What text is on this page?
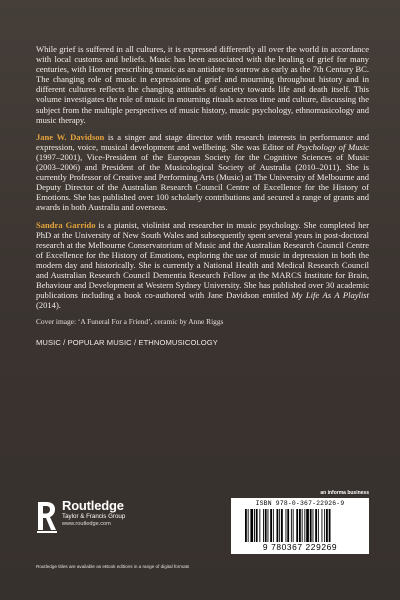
While grief is suffered in all cultures, it is expressed differently all over the world in accordance with local customs and beliefs. Music has been associated with the healing of grief for many centuries, with Homer prescribing music as an antidote to sorrow as early as the 7th Century BC. The changing role of music in expressions of grief and mourning throughout history and in different cultures reflects the changing attitudes of society towards life and death itself. This volume investigates the role of music in mourning rituals across time and culture, discussing the subject from the multiple perspectives of music history, music psychology, ethnomusicology and music therapy.

Jane W. Davidson is a singer and stage director with research interests in performance and expression, voice, musical development and wellbeing. She was Editor of Psychology of Music (1997–2001), Vice-President of the European Society for the Cognitive Sciences of Music (2003–2006) and President of the Musicological Society of Australia (2010–2011). She is currently Professor of Creative and Performing Arts (Music) at The University of Melbourne and Deputy Director of the Australian Research Council Centre of Excellence for the History of Emotions. She has published over 100 scholarly contributions and secured a range of grants and awards in both Australia and overseas.

Sandra Garrido is a pianist, violinist and researcher in music psychology. She completed her PhD at the University of New South Wales and subsequently spent several years in post-doctoral research at the Melbourne Conservatorium of Music and the Australian Research Council Centre of Excellence for the History of Emotions, exploring the use of music in depression in both the modern day and historically. She is currently a National Health and Medical Research Council and Australian Research Council Dementia Research Fellow at the MARCS Institute for Brain, Behaviour and Development at Western Sydney University. She has published over 30 academic publications including a book co-authored with Jane Davidson entitled My Life As A Playlist (2014).

Cover image: ‘A Funeral For a Friend’, ceramic by Anne Riggs

MUSIC / POPULAR MUSIC / ETHNOMUSICOLOGY

Routledge
Taylor & Francis Group
www.routledge.com
an informa business
ISBN 978-0-367-22926-9
9 780367 229269
Routledge titles are available as eBook editions in a range of digital formats
